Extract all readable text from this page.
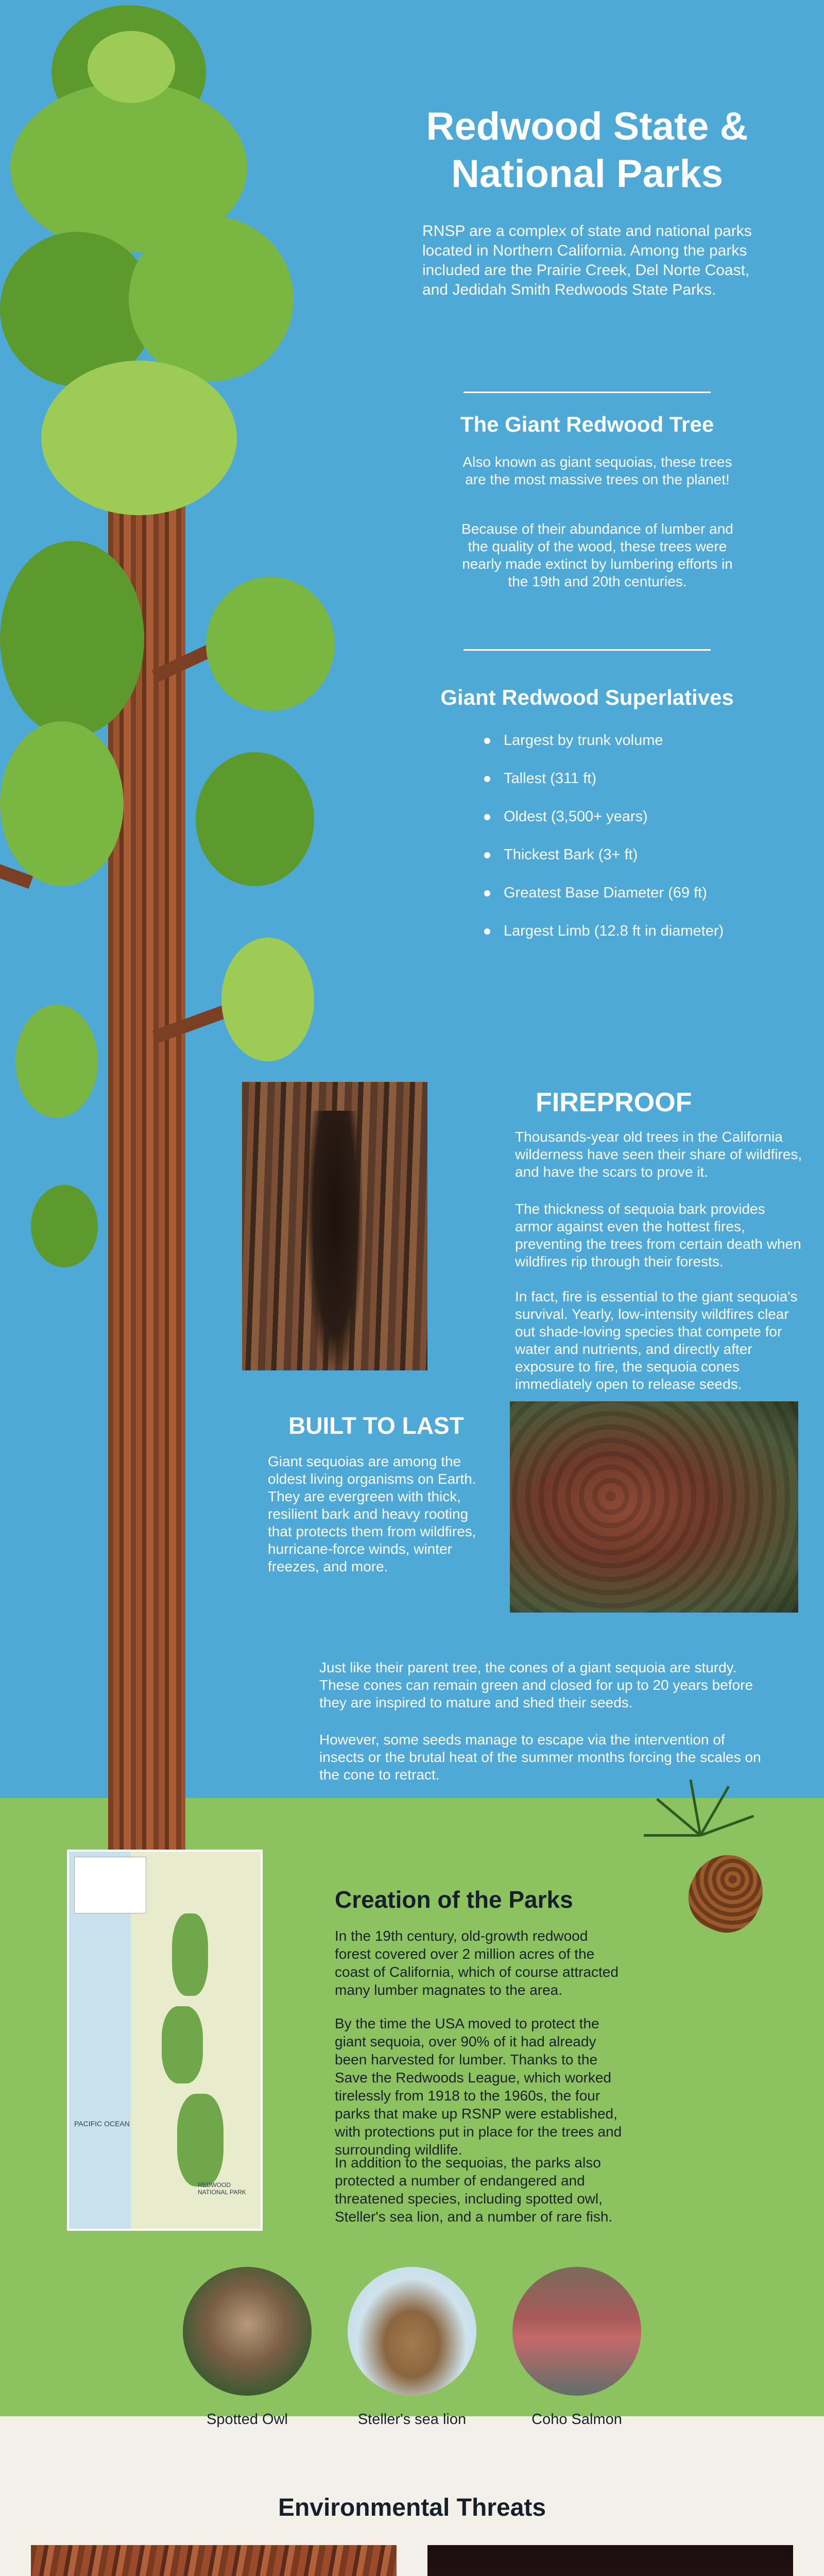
Redwood State & National Parks

RNSP are a complex of state and national parks located in Northern California. Among the parks included are the Prairie Creek, Del Norte Coast, and Jedidah Smith Redwoods State Parks.

The Giant Redwood Tree

Also known as giant sequoias, these trees are the most massive trees on the planet!

Because of their abundance of lumber and the quality of the wood, these trees were nearly made extinct by lumbering efforts in the 19th and 20th centuries.

Giant Redwood Superlatives
Largest by trunk volume
Tallest (311 ft)
Oldest (3,500+ years)
Thickest Bark (3+ ft)
Greatest Base Diameter (69 ft)
Largest Limb (12.8 ft in diameter)
FIREPROOF

Thousands-year old trees in the California wilderness have seen their share of wildfires, and have the scars to prove it.

The thickness of sequoia bark provides armor against even the hottest fires, preventing the trees from certain death when wildfires rip through their forests.

In fact, fire is essential to the giant sequoia's survival. Yearly, low-intensity wildfires clear out shade-loving species that compete for water and nutrients, and directly after exposure to fire, the sequoia cones immediately open to release seeds.

BUILT TO LAST

Giant sequoias are among the oldest living organisms on Earth. They are evergreen with thick, resilient bark and heavy rooting that protects them from wildfires, hurricane-force winds, winter freezes, and more.

Just like their parent tree, the cones of a giant sequoia are sturdy. These cones can remain green and closed for up to 20 years before they are inspired to mature and shed their seeds.

However, some seeds manage to escape via the intervention of insects or the brutal heat of the summer months forcing the scales on the cone to retract.

PACIFIC OCEAN
REDWOOD NATIONAL PARK
Creation of the Parks

In the 19th century, old-growth redwood forest covered over 2 million acres of the coast of California, which of course attracted many lumber magnates to the area.

By the time the USA moved to protect the giant sequoia, over 90% of it had already been harvested for lumber. Thanks to the Save the Redwoods League, which worked tirelessly from 1918 to the 1960s, the four parks that make up RSNP were established, with protections put in place for the trees and surrounding wildlife.

In addition to the sequoias, the parks also protected a number of endangered and threatened species, including spotted owl, Steller's sea lion, and a number of rare fish.

Spotted Owl	Steller's sea lion	Coho Salmon
Environmental Threats
